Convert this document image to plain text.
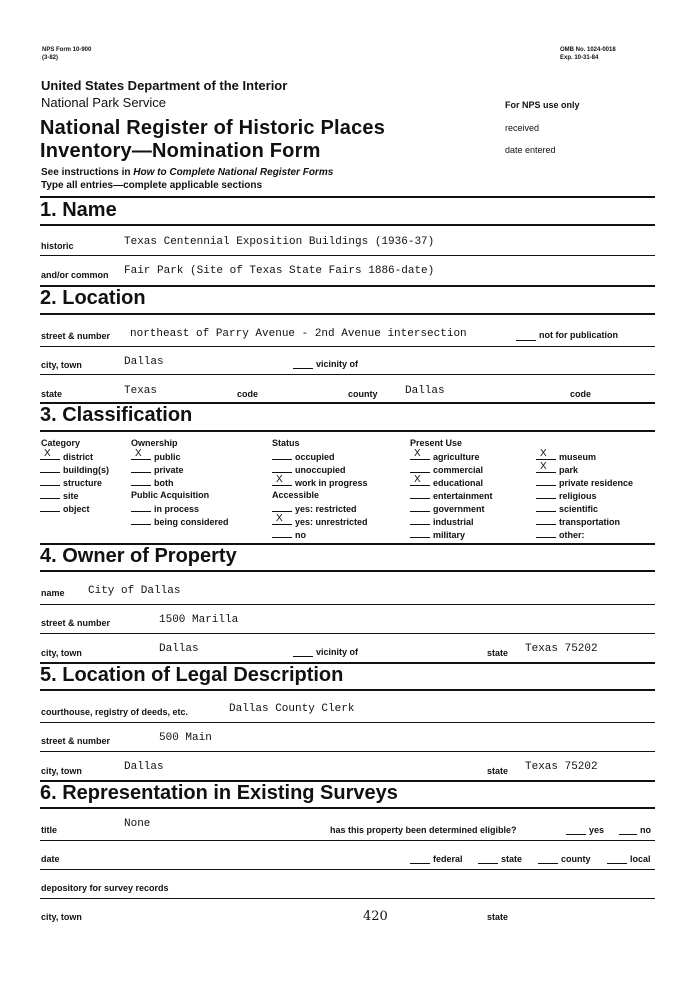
NPS Form 10-900
(3-82)
OMB No. 1024-0018
Exp. 10-31-84
United States Department of the Interior
National Park Service
National Register of Historic Places
Inventory—Nomination Form
See instructions in How to Complete National Register Forms
Type all entries—complete applicable sections
For NPS use only
received
date entered
1. Name
historic	Texas Centennial Exposition Buildings (1936-37)
and/or common Fair Park (Site of Texas State Fairs 1886-date)
2. Location
street & number northeast of Parry Avenue - 2nd Avenue intersection	not for publication
city, town	Dallas	vicinity of
state	Texas	code	county Dallas	code
3. Classification
Category
X district
building(s)
structure
site
object
Ownership
X public
private
both
Public Acquisition
in process
being considered
Status
occupied
unoccupied
X work in progress
Accessible
yes: restricted
X yes: unrestricted
no
Present Use
X agriculture
commercial
X educational
entertainment
government
industrial
military
X museum
X park
private residence
religious
scientific
transportation
other:
4. Owner of Property
name City of Dallas
street & number	1500 Marilla
city, town	Dallas	vicinity of	state Texas 75202
5. Location of Legal Description
courthouse, registry of deeds, etc.	Dallas County Clerk
street & number	500 Main
city, town	Dallas	state Texas 75202
6. Representation in Existing Surveys
title	None	has this property been determined eligible?	yes	no
date	federal	state	county	local
depository for survey records
city, town	420	state
